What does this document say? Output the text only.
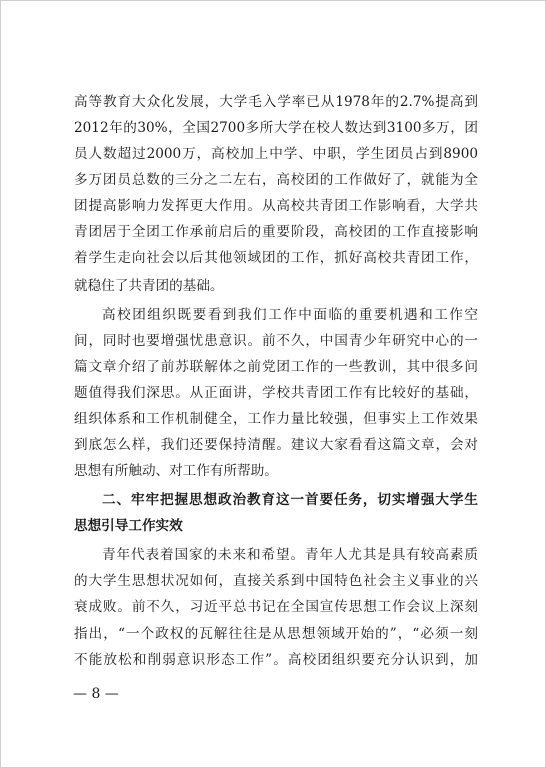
高等教育大众化发展，大学毛入学率已从1978年的2.7%提高到
2012年的30%，全国2700多所大学在校人数达到3100多万，团
员人数超过2000万，高校加上中学、中职，学生团员占到8900
多万团员总数的三分之二左右，高校团的工作做好了，就能为全
团提高影响力发挥更大作用。从高校共青团工作影响看，大学共
青团居于全团工作承前启后的重要阶段，高校团的工作直接影响
着学生走向社会以后其他领域团的工作，抓好高校共青团工作，
就稳住了共青团的基础。
高校团组织既要看到我们工作中面临的重要机遇和工作空
间，同时也要增强忧患意识。前不久，中国青少年研究中心的一
篇文章介绍了前苏联解体之前党团工作的一些教训，其中很多问
题值得我们深思。从正面讲，学校共青团工作有比较好的基础，
组织体系和工作机制健全，工作力量比较强，但事实上工作效果
到底怎么样，我们还要保持清醒。建议大家看看这篇文章，会对
思想有所触动、对工作有所帮助。
二、牢牢把握思想政治教育这一首要任务，切实增强大学生
思想引导工作实效
青年代表着国家的未来和希望。青年人尤其是具有较高素质
的大学生思想状况如何，直接关系到中国特色社会主义事业的兴
衰成败。前不久，习近平总书记在全国宣传思想工作会议上深刻
指出，“一个政权的瓦解往往是从思想领域开始的”，“必须一刻
不能放松和削弱意识形态工作”。高校团组织要充分认识到，加
— 8 —
